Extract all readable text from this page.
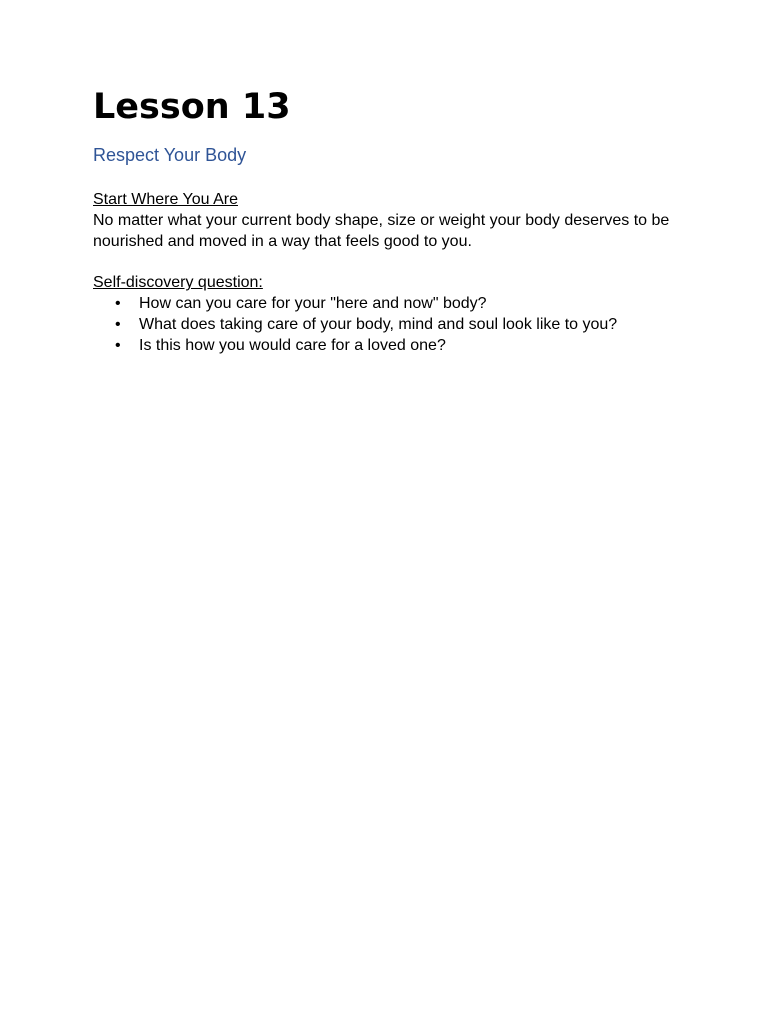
Lesson 13
Respect Your Body
Start Where You Are

No matter what your current body shape, size or weight your body deserves to be nourished and moved in a way that feels good to you.

Self-discovery question:
• How can you care for your "here and now" body?
• What does taking care of your body, mind and soul look like to you?
• Is this how you would care for a loved one?
